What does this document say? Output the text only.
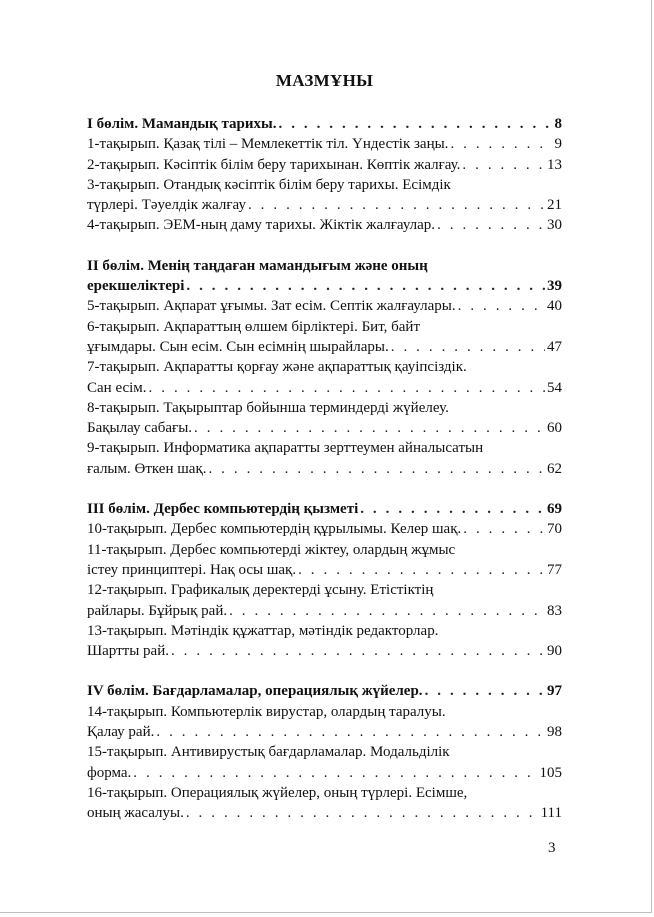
МАЗМҰНЫ
І бөлім. Мамандық тарихы. . . .	8
1-тақырып. Қазақ тілі – Мемлекеттік тіл. Үндестік заңы. . . .	9
2-тақырып. Кәсіптік білім беру тарихынан. Көптік жалғау. . . .	13
3-тақырып. Отандық кәсіптік білім беру тарихы. Есімдік
түрлері. Тәуелдік жалғау . . .	21
4-тақырып. ЭЕМ-ның даму тарихы. Жіктік жалғаулар. . . .	30
ІІ бөлім. Менің таңдаған мамандығым және оның
ерекшеліктері . . .	39
5-тақырып. Ақпарат ұғымы. Зат есім. Септік жалғаулары. . . .	40
6-тақырып. Ақпараттың өлшем бірліктері. Бит, байт
ұғымдары. Сын есім. Сын есімнің шырайлары. . . .	47
7-тақырып. Ақпаратты қорғау және ақпараттық қауіпсіздік.
Сан есім. . . .	54
8-тақырып. Тақырыптар бойынша терминдерді жүйелеу.
Бақылау сабағы. . . .	60
9-тақырып. Информатика ақпаратты зерттеумен айналысатын
ғалым. Өткен шақ. . . .	62
ІІІ бөлім. Дербес компьютердің қызметі . . .	69
10-тақырып. Дербес компьютердің құрылымы. Келер шақ. . . .	70
11-тақырып. Дербес компьютерді жіктеу, олардың жұмыс
істеу принциптері. Нақ осы шақ. . . .	77
12-тақырып. Графикалық деректерді ұсыну. Етістіктің
райлары. Бұйрық рай. . . .	83
13-тақырып. Мәтіндік құжаттар, мәтіндік редакторлар.
Шартты рай. . . .	90
IV бөлім. Бағдарламалар, операциялық жүйелер. . . .	97
14-тақырып. Компьютерлік вирустар, олардың таралуы.
Қалау рай. . . .	98
15-тақырып. Антивирустық бағдарламалар. Модальділік
форма. . . .	105
16-тақырып. Операциялық жүйелер, оның түрлері. Есімше,
оның жасалуы. . . .	111
3
